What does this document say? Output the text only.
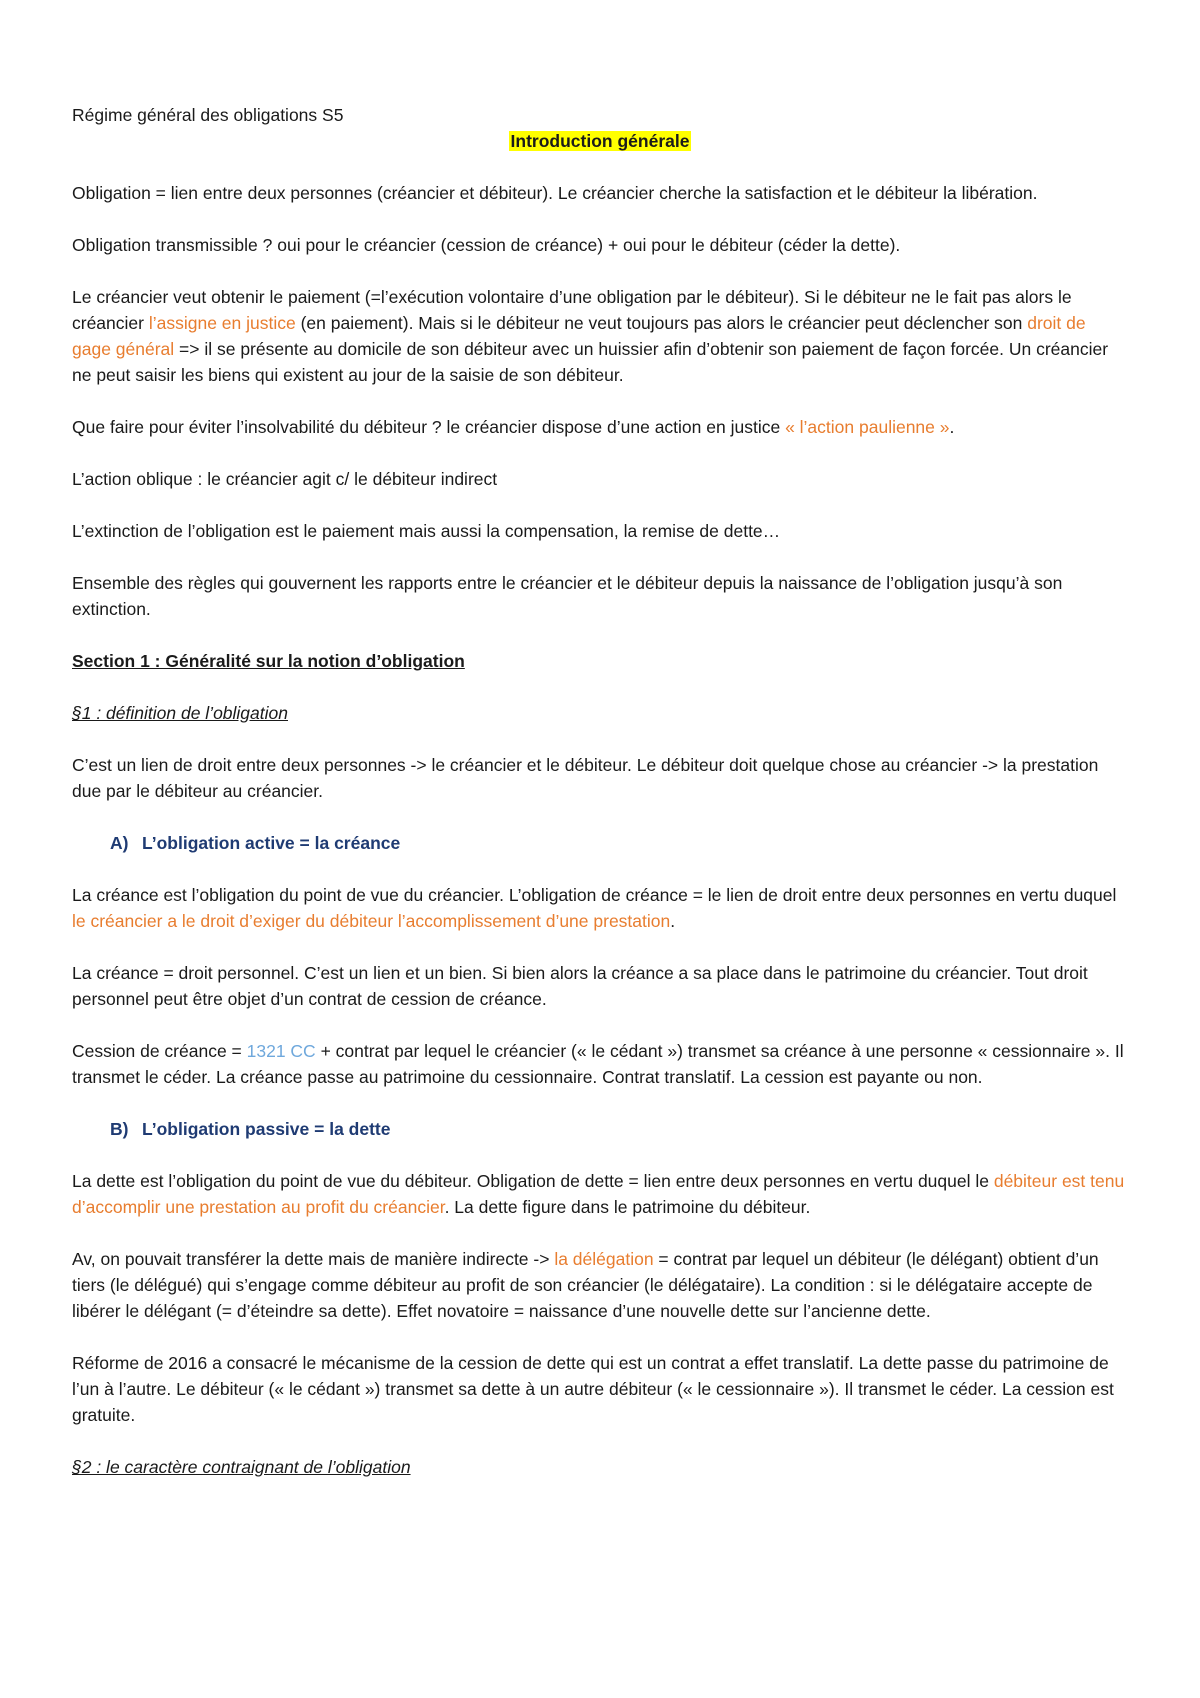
Régime général des obligations S5

Introduction générale

Obligation = lien entre deux personnes (créancier et débiteur). Le créancier cherche la satisfaction et le débiteur la libération.

Obligation transmissible ? oui pour le créancier (cession de créance) + oui pour le débiteur (céder la dette).

Le créancier veut obtenir le paiement (=l’exécution volontaire d’une obligation par le débiteur). Si le débiteur ne le fait pas alors le créancier l’assigne en justice (en paiement). Mais si le débiteur ne veut toujours pas alors le créancier peut déclencher son droit de gage général => il se présente au domicile de son débiteur avec un huissier afin d’obtenir son paiement de façon forcée. Un créancier ne peut saisir les biens qui existent au jour de la saisie de son débiteur.

Que faire pour éviter l’insolvabilité du débiteur ? le créancier dispose d’une action en justice « l’action paulienne ».

L’action oblique : le créancier agit c/ le débiteur indirect

L’extinction de l’obligation est le paiement mais aussi la compensation, la remise de dette…

Ensemble des règles qui gouvernent les rapports entre le créancier et le débiteur depuis la naissance de l’obligation jusqu’à son extinction.

Section 1 : Généralité sur la notion d’obligation

§1 : définition de l’obligation

C’est un lien de droit entre deux personnes -> le créancier et le débiteur. Le débiteur doit quelque chose au créancier -> la prestation due par le débiteur au créancier.

A) L’obligation active = la créance

La créance est l’obligation du point de vue du créancier. L’obligation de créance = le lien de droit entre deux personnes en vertu duquel le créancier a le droit d’exiger du débiteur l’accomplissement d’une prestation.

La créance = droit personnel. C’est un lien et un bien. Si bien alors la créance a sa place dans le patrimoine du créancier. Tout droit personnel peut être objet d’un contrat de cession de créance.

Cession de créance = 1321 CC + contrat par lequel le créancier (« le cédant ») transmet sa créance à une personne « cessionnaire ». Il transmet le céder. La créance passe au patrimoine du cessionnaire. Contrat translatif. La cession est payante ou non.

B) L’obligation passive = la dette

La dette est l’obligation du point de vue du débiteur. Obligation de dette = lien entre deux personnes en vertu duquel le débiteur est tenu d’accomplir une prestation au profit du créancier. La dette figure dans le patrimoine du débiteur.

Av, on pouvait transférer la dette mais de manière indirecte -> la délégation = contrat par lequel un débiteur (le délégant) obtient d’un tiers (le délégué) qui s’engage comme débiteur au profit de son créancier (le délégataire). La condition : si le délégataire accepte de libérer le délégant (= d’éteindre sa dette). Effet novatoire = naissance d’une nouvelle dette sur l’ancienne dette.

Réforme de 2016 a consacré le mécanisme de la cession de dette qui est un contrat a effet translatif. La dette passe du patrimoine de l’un à l’autre. Le débiteur (« le cédant ») transmet sa dette à un autre débiteur (« le cessionnaire »). Il transmet le céder. La cession est gratuite.

§2 : le caractère contraignant de l’obligation
